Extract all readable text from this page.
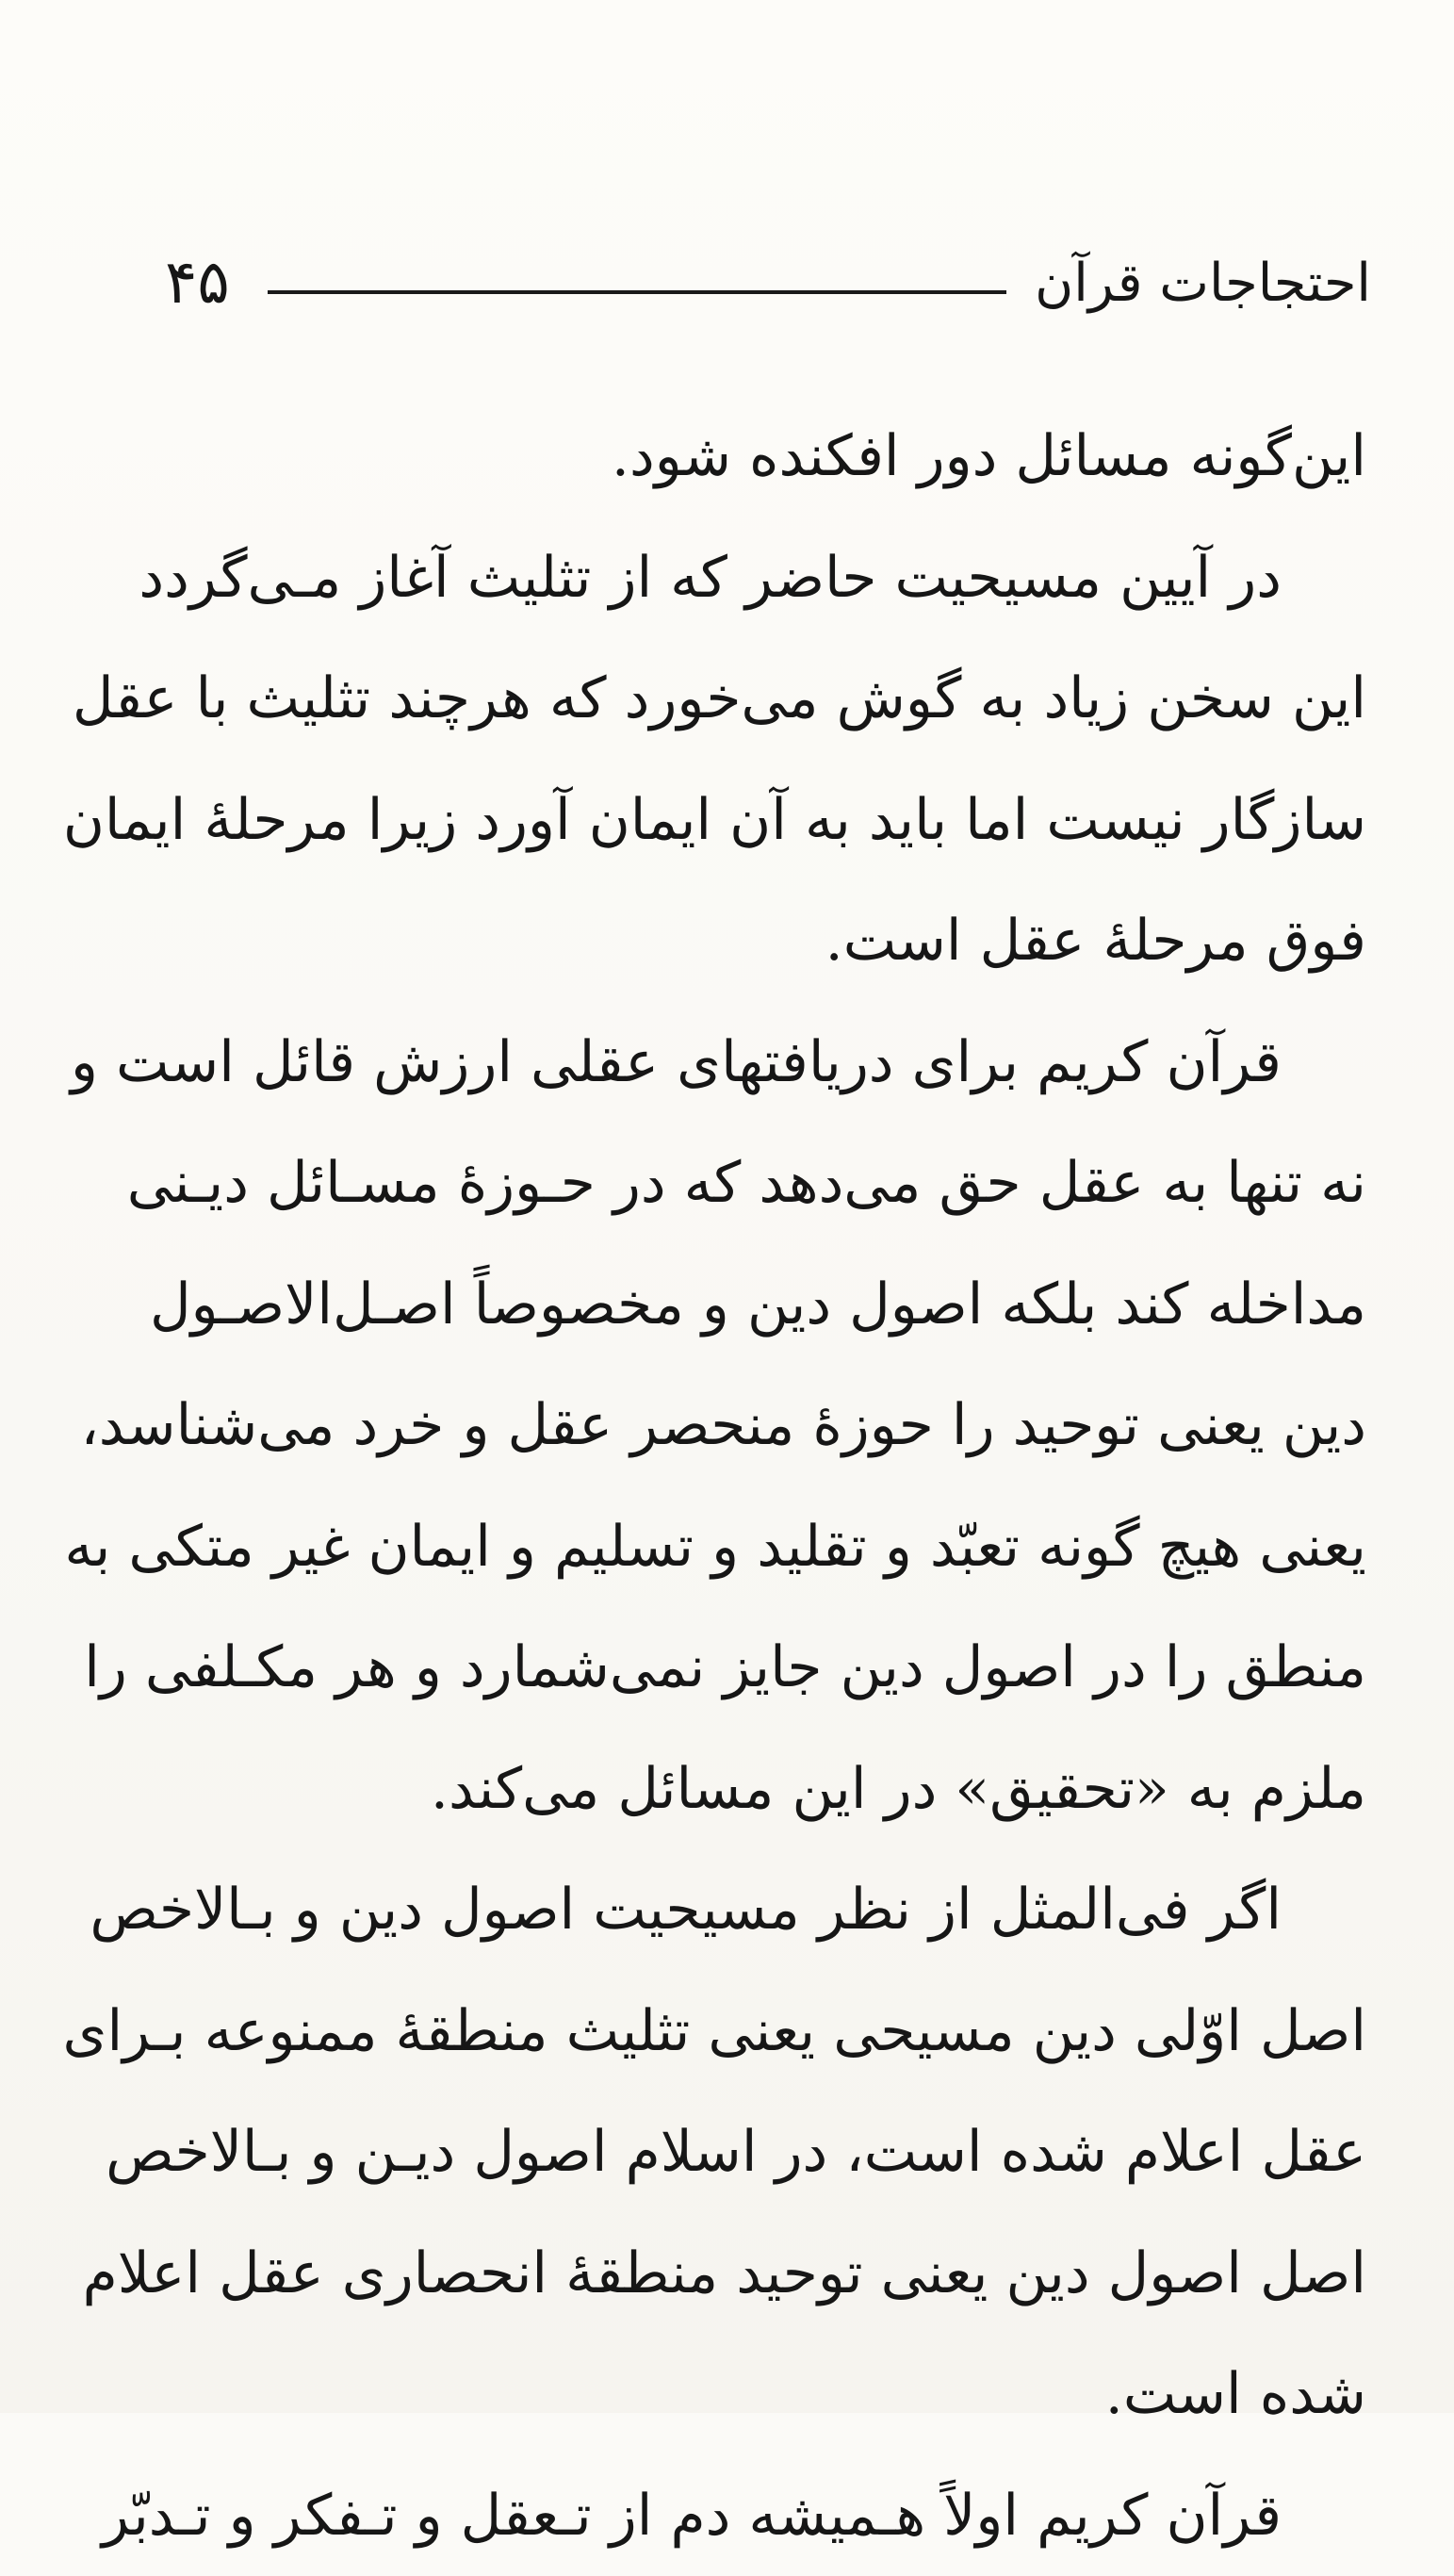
احتجاجات قرآن
۴۵
این‌گونه مسائل دور افکنده شود.
در آیین مسیحیت حاضر که از تثلیث آغاز مـی‌گردد
این سخن زیاد به گوش می‌خورد که هرچند تثلیث با عقل
سازگار نیست اما باید به آن ایمان آورد زیرا مرحلهٔ ایمان
فوق مرحلهٔ عقل است.
قرآن کریم برای دریافتهای عقلی ارزش قائل است و
نه تنها به عقل حق می‌دهد که در حـوزهٔ مسـائل دیـنی
مداخله کند بلکه اصول دین و مخصوصاً اصـل‌الاصـول
دین یعنی توحید را حوزهٔ منحصر عقل و خرد می‌شناسد،
یعنی هیچ گونه تعبّد و تقلید و تسلیم و ایمان غیر متکی به
منطق را در اصول دین جایز نمی‌شمارد و هر مکـلفی را
ملزم به «تحقیق» در این مسائل می‌کند.
اگر فی‌المثل از نظر مسیحیت اصول دین و بـالاخص
اصل اوّلی دین مسیحی یعنی تثلیث منطقهٔ ممنوعه بـرای
عقل اعلام شده است، در اسلام اصول دیـن و بـالاخص
اصل اصول دین یعنی توحید منطقهٔ انحصاری عقل اعلام
شده است.
قرآن کریم اولاً هـمیشه دم از تـعقل و تـفکر و تـدبّر
